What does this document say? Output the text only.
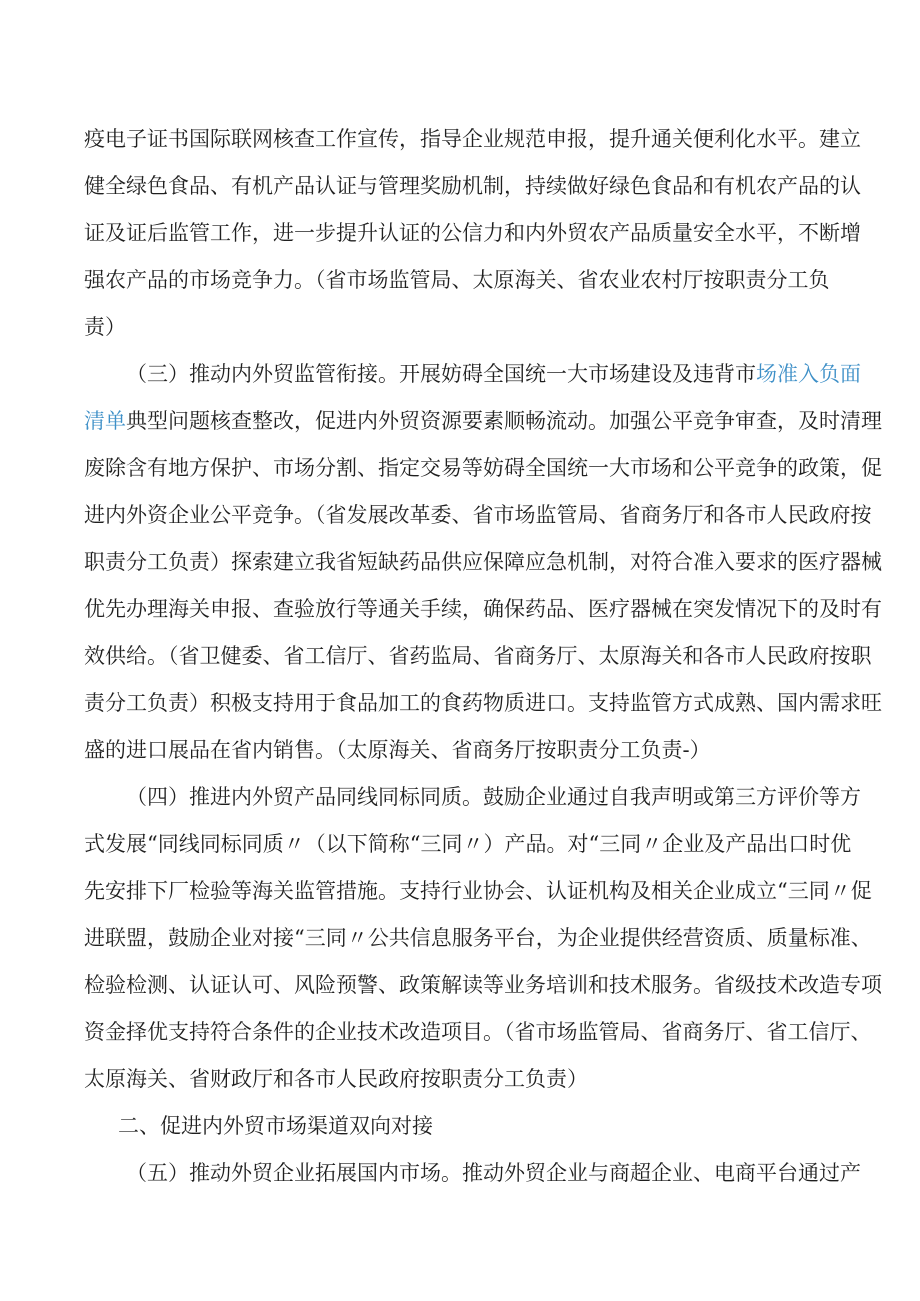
疫电子证书国际联网核查工作宣传，指导企业规范申报，提升通关便利化水平。建立
健全绿色食品、有机产品认证与管理奖励机制，持续做好绿色食品和有机农产品的认
证及证后监管工作，进一步提升认证的公信力和内外贸农产品质量安全水平，不断增
强农产品的市场竞争力。（省市场监管局、太原海关、省农业农村厅按职责分工负
责）
（三）推动内外贸监管衔接。开展妨碍全国统一大市场建设及违背市场准入负面
清单典型问题核查整改，促进内外贸资源要素顺畅流动。加强公平竞争审查，及时清理
废除含有地方保护、市场分割、指定交易等妨碍全国统一大市场和公平竞争的政策，促
进内外资企业公平竞争。（省发展改革委、省市场监管局、省商务厅和各市人民政府按
职责分工负责）探索建立我省短缺药品供应保障应急机制，对符合准入要求的医疗器械
优先办理海关申报、查验放行等通关手续，确保药品、医疗器械在突发情况下的及时有
效供给。（省卫健委、省工信厅、省药监局、省商务厅、太原海关和各市人民政府按职
责分工负责）积极支持用于食品加工的食药物质进口。支持监管方式成熟、国内需求旺
盛的进口展品在省内销售。（太原海关、省商务厅按职责分工负责-）
（四）推进内外贸产品同线同标同质。鼓励企业通过自我声明或第三方评价等方
式发展“同线同标同质〃（以下简称“三同〃）产品。对“三同〃企业及产品出口时优
先安排下厂检验等海关监管措施。支持行业协会、认证机构及相关企业成立“三同〃促
进联盟，鼓励企业对接“三同〃公共信息服务平台，为企业提供经营资质、质量标准、
检验检测、认证认可、风险预警、政策解读等业务培训和技术服务。省级技术改造专项
资金择优支持符合条件的企业技术改造项目。（省市场监管局、省商务厅、省工信厅、
太原海关、省财政厅和各市人民政府按职责分工负责）
二、促进内外贸市场渠道双向对接
（五）推动外贸企业拓展国内市场。推动外贸企业与商超企业、电商平台通过产
